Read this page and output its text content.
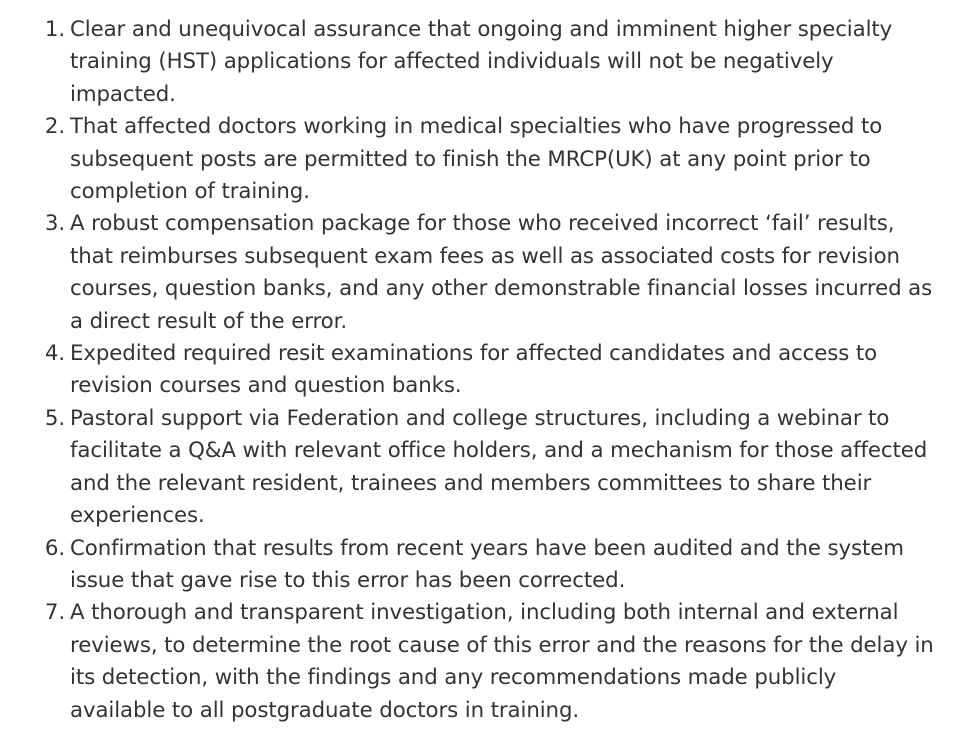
1. Clear and unequivocal assurance that ongoing and imminent higher specialty training (HST) applications for affected individuals will not be negatively impacted.
2. That affected doctors working in medical specialties who have progressed to subsequent posts are permitted to finish the MRCP(UK) at any point prior to completion of training.
3. A robust compensation package for those who received incorrect ‘fail’ results, that reimburses subsequent exam fees as well as associated costs for revision courses, question banks, and any other demonstrable financial losses incurred as a direct result of the error.
4. Expedited required resit examinations for affected candidates and access to revision courses and question banks.
5. Pastoral support via Federation and college structures, including a webinar to facilitate a Q&A with relevant office holders, and a mechanism for those affected and the relevant resident, trainees and members committees to share their experiences.
6. Confirmation that results from recent years have been audited and the system issue that gave rise to this error has been corrected.
7. A thorough and transparent investigation, including both internal and external reviews, to determine the root cause of this error and the reasons for the delay in its detection, with the findings and any recommendations made publicly available to all postgraduate doctors in training.
